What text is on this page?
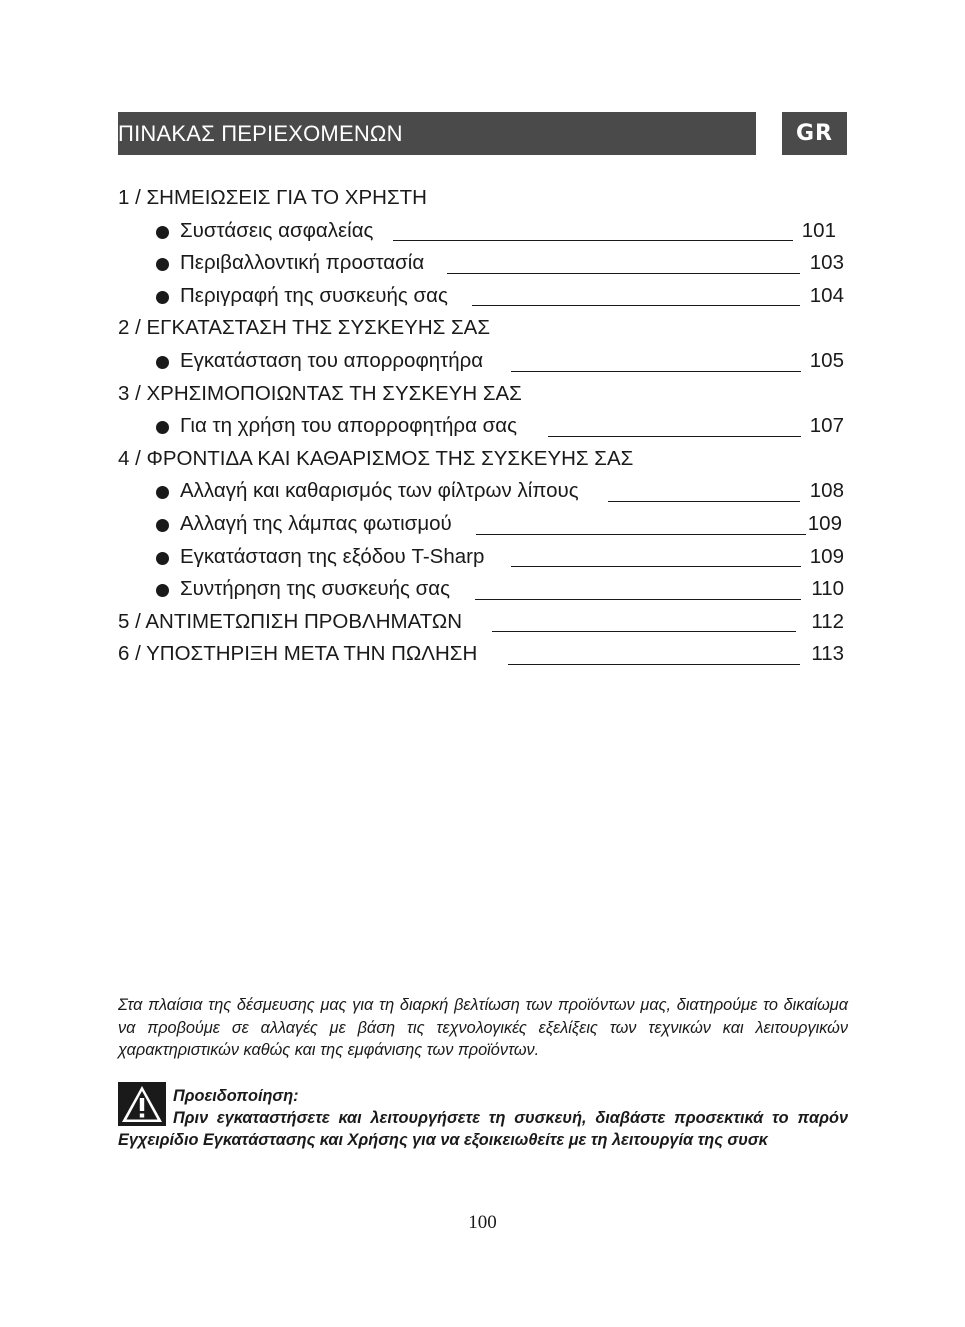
ΠΙΝΑΚΑΣ ΠΕΡΙΕΧΟΜΕΝΩΝ	GR
1 / ΣΗΜΕΙΩΣΕΙΣ ΓΙΑ ΤΟ ΧΡΗΣΤΗ
Συστάσεις ασφαλείας	101
Περιβαλλοντική προστασία	103
Περιγραφή της συσκευής σας	104
2 / ΕΓΚΑΤΑΣΤΑΣΗ ΤΗΣ ΣΥΣΚΕΥΗΣ ΣΑΣ
Εγκατάσταση του απορροφητήρα	105
3 / ΧΡΗΣΙΜΟΠΟΙΩΝΤΑΣ ΤΗ ΣΥΣΚΕΥΗ ΣΑΣ
Για τη χρήση του απορροφητήρα σας	107
4 / ΦΡΟΝΤΙΔΑ ΚΑΙ ΚΑΘΑΡΙΣΜΟΣ ΤΗΣ ΣΥΣΚΕΥΗΣ ΣΑΣ
Αλλαγή και καθαρισμός των φίλτρων λίπους	108
Αλλαγή της λάμπας φωτισμού	109
Εγκατάσταση της εξόδου T-Sharp	109
Συντήρηση της συσκευής σας	110
5 / ΑΝΤΙΜΕΤΩΠΙΣΗ ΠΡΟΒΛΗΜΑΤΩΝ	112
6 / ΥΠΟΣΤΗΡΙΞΗ ΜΕΤΑ ΤΗΝ ΠΩΛΗΣΗ	113

Στα πλαίσια της δέσμευσης μας για τη διαρκή βελτίωση των προϊόντων μας, διατηρούμε το δικαίωμα να προβούμε σε αλλαγές με βάση τις τεχνολογικές εξελίξεις των τεχνικών και λειτουργικών χαρακτηριστικών καθώς και της εμφάνισης των προϊόντων.

Προειδοποίηση:
Πριν εγκαταστήσετε και λειτουργήσετε τη συσκευή, διαβάστε προσεκτικά το παρόν Εγχειρίδιο Εγκατάστασης και Χρήσης για να εξοικειωθείτε με τη λειτουργία της συσκ
100
